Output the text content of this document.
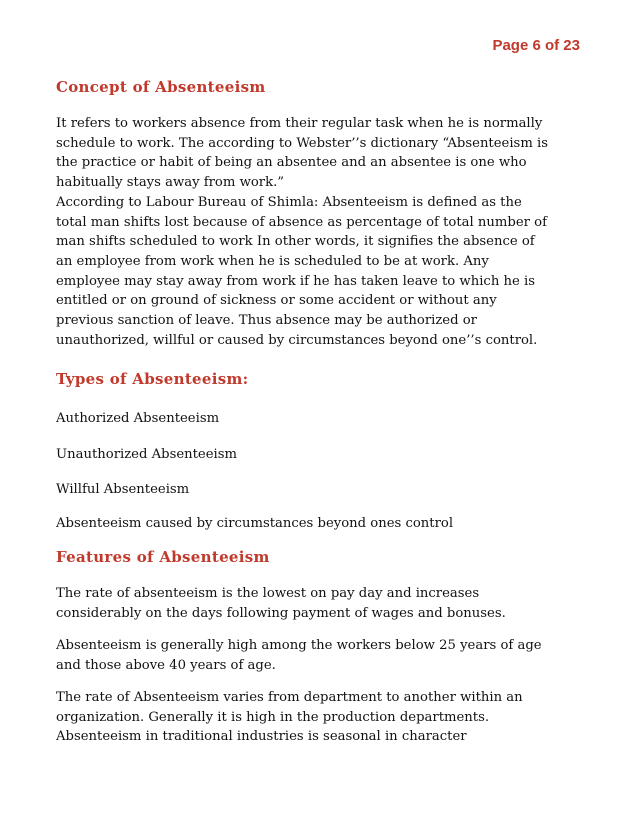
Page 6 of 23

Concept of Absenteeism

It refers to workers absence from their regular task when he is normally
schedule to work. The according to Webster’’s dictionary “Absenteeism is
the practice or habit of being an absentee and an absentee is one who
habitually stays away from work.”
According to Labour Bureau of Shimla: Absenteeism is defined as the
total man shifts lost because of absence as percentage of total number of
man shifts scheduled to work In other words, it signifies the absence of
an employee from work when he is scheduled to be at work. Any
employee may stay away from work if he has taken leave to which he is
entitled or on ground of sickness or some accident or without any
previous sanction of leave. Thus absence may be authorized or
unauthorized, willful or caused by circumstances beyond one’’s control.

Types of Absenteeism:

Authorized Absenteeism

Unauthorized Absenteeism

Willful Absenteeism

Absenteeism caused by circumstances beyond ones control

Features of Absenteeism

The rate of absenteeism is the lowest on pay day and increases
considerably on the days following payment of wages and bonuses.

Absenteeism is generally high among the workers below 25 years of age
and those above 40 years of age.

The rate of Absenteeism varies from department to another within an
organization. Generally it is high in the production departments.
Absenteeism in traditional industries is seasonal in character
